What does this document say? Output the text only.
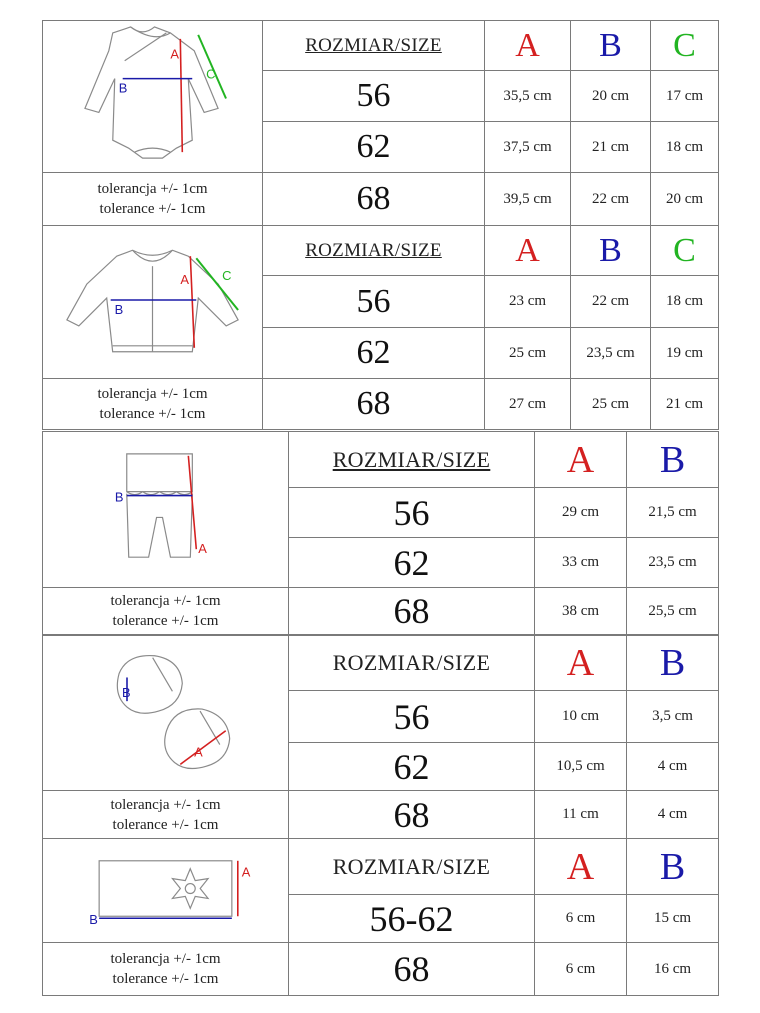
A
B
C	ROZMIAR/SIZE	A	B	C
	56	35,5 cm	20 cm	17 cm
	62	37,5 cm	21 cm	18 cm

tolerancja +/- 1cm
tolerance +/- 1cm	68	39,5 cm	22 cm	20 cm
A
B
C	ROZMIAR/SIZE	A	B	C
	56	23 cm	22 cm	18 cm
	62	25 cm	23,5 cm	19 cm

tolerancja +/- 1cm
tolerance +/- 1cm	68	27 cm	25 cm	21 cm
A
B	ROZMIAR/SIZE	A	B
	56	29 cm	21,5 cm
	62	33 cm	23,5 cm

tolerancja +/- 1cm
tolerance +/- 1cm	68	38 cm	25,5 cm
B
A	ROZMIAR/SIZE	A	B
	56	10 cm	3,5 cm
	62	10,5 cm	4 cm

tolerancja +/- 1cm
tolerance +/- 1cm	68	11 cm	4 cm
A
B	ROZMIAR/SIZE	A	B
	56-62	6 cm	15 cm

tolerancja +/- 1cm
tolerance +/- 1cm	68	6 cm	16 cm
